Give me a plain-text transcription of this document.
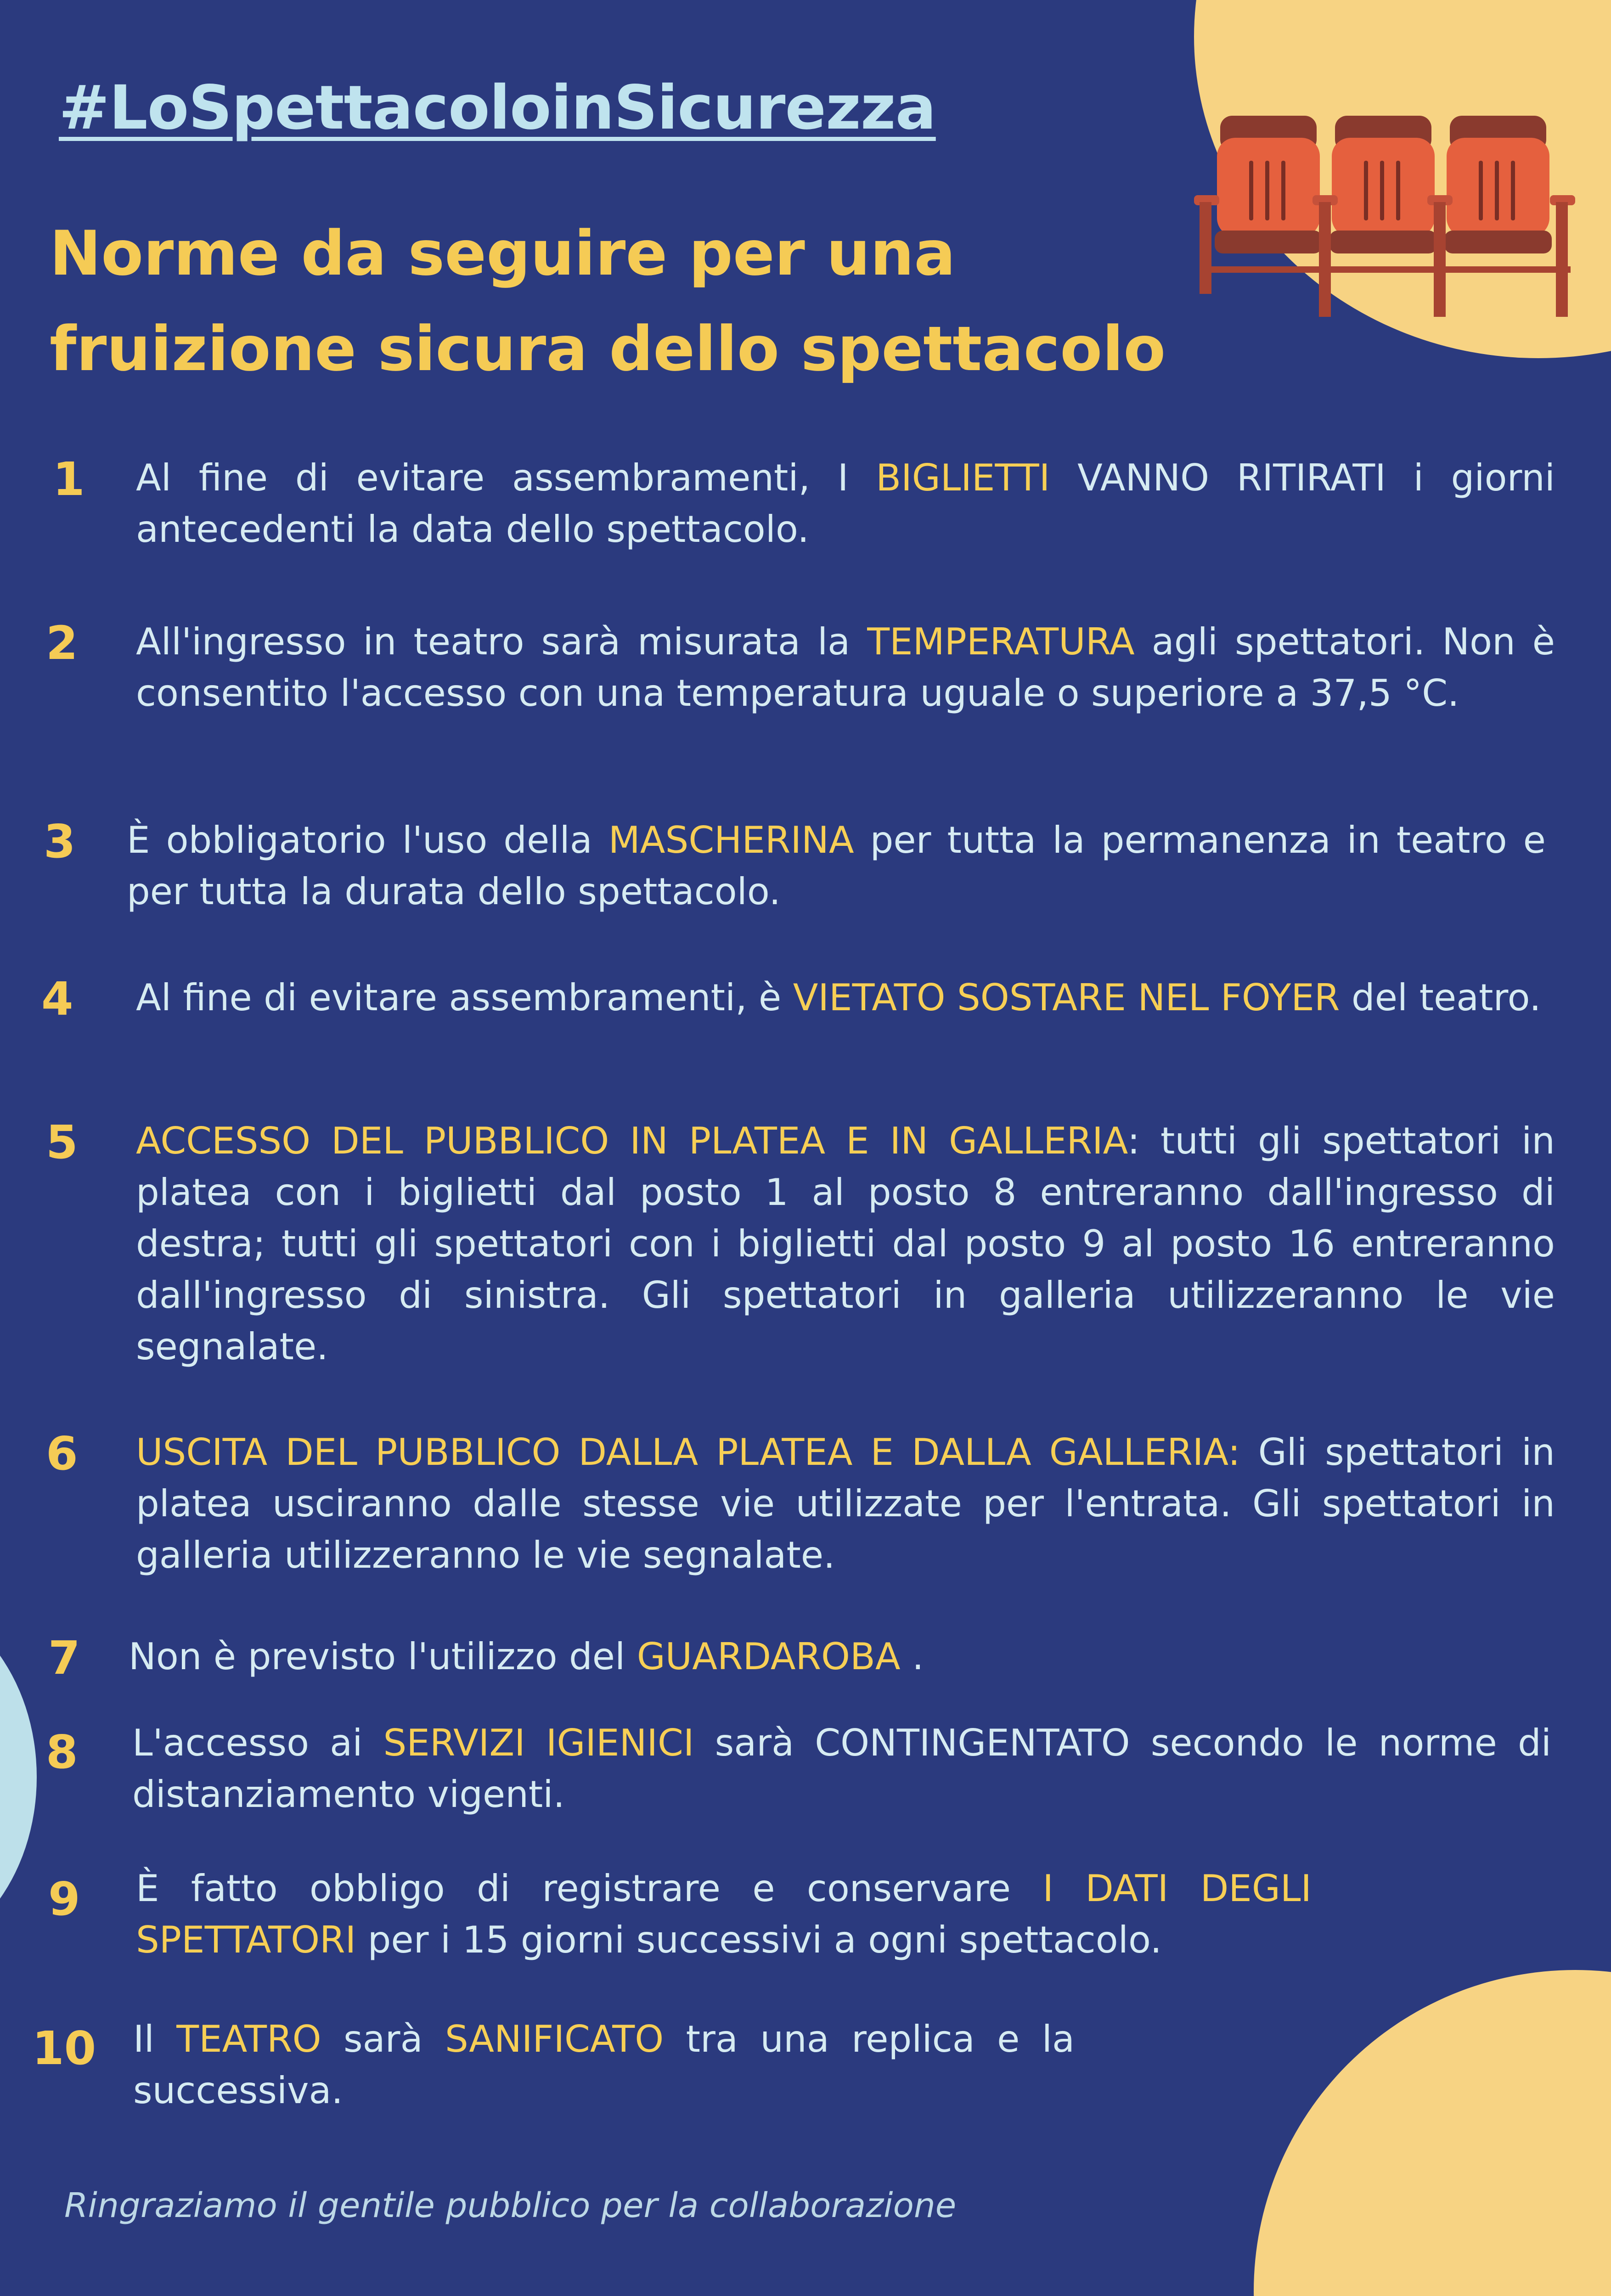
#LoSpettacoloinSicurezza
Norme da seguire per una
fruizione sicura dello spettacolo
1 Al fine di evitare assembramenti, I BIGLIETTI VANNO RITIRATI i giorni antecedenti la data dello spettacolo.
2 All'ingresso in teatro sarà misurata la TEMPERATURA agli spettatori. Non è consentito l'accesso con una temperatura uguale o superiore a 37,5 °C.
3 È obbligatorio l'uso della MASCHERINA per tutta la permanenza in teatro e per tutta la durata dello spettacolo.
4 Al fine di evitare assembramenti, è VIETATO SOSTARE NEL FOYER del teatro.
5 ACCESSO DEL PUBBLICO IN PLATEA E IN GALLERIA: tutti gli spettatori in platea con i biglietti dal posto 1 al posto 8 entreranno dall'ingresso di destra; tutti gli spettatori con i biglietti dal posto 9 al posto 16 entreranno dall'ingresso di sinistra. Gli spettatori in galleria utilizzeranno le vie segnalate.
6 USCITA DEL PUBBLICO DALLA PLATEA E DALLA GALLERIA: Gli spettatori in platea usciranno dalle stesse vie utilizzate per l'entrata. Gli spettatori in galleria utilizzeranno le vie segnalate.
7 Non è previsto l'utilizzo del GUARDAROBA .
8 L'accesso ai SERVIZI IGIENICI sarà CONTINGENTATO secondo le norme di distanziamento vigenti.
9 È fatto obbligo di registrare e conservare I DATI DEGLI SPETTATORI per i 15 giorni successivi a ogni spettacolo.
10 Il TEATRO sarà SANIFICATO tra una replica e la successiva.
Ringraziamo il gentile pubblico per la collaborazione
